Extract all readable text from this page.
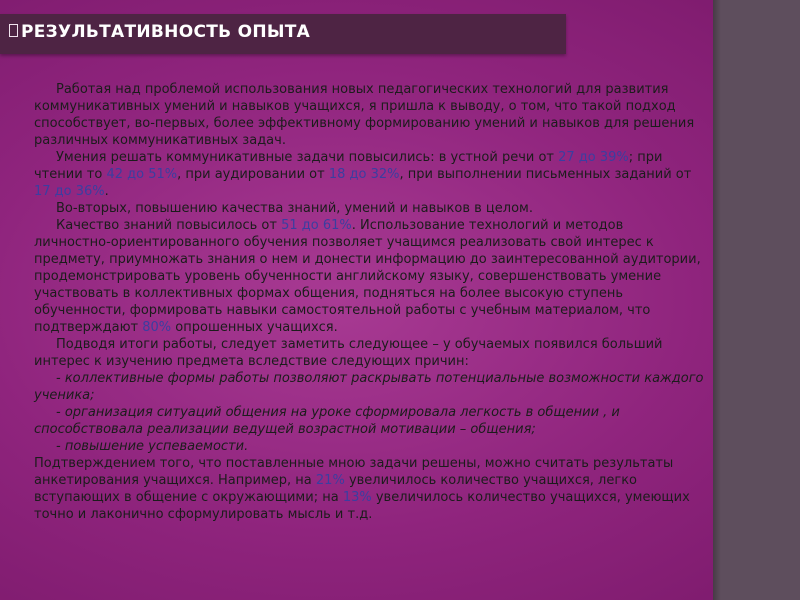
РЕЗУЛЬТАТИВНОСТЬ ОПЫТА

Работая над проблемой использования новых педагогических технологий для развития коммуникативных умений и навыков учащихся, я пришла к выводу, о том, что такой подход способствует, во-первых, более эффективному формированию умений и навыков для решения различных коммуникативных задач.

Умения решать коммуникативные задачи повысились: в устной речи от 27 до 39%; при чтении то 42 до 51%, при аудировании от 18 до 32%, при выполнении письменных заданий от 17 до 36%.

Во-вторых, повышению качества знаний, умений и навыков в целом.

Качество знаний повысилось от 51 до 61%. Использование технологий и методов личностно-ориентированного обучения позволяет учащимся реализовать свой интерес к предмету, приумножать знания о нем и донести информацию до заинтересованной аудитории, продемонстрировать уровень обученности английскому языку, совершенствовать умение участвовать в коллективных формах общения, подняться на более высокую ступень обученности, формировать навыки самостоятельной работы с учебным материалом, что подтверждают 80% опрошенных учащихся.

Подводя итоги работы, следует заметить следующее – у обучаемых появился больший интерес к изучению предмета вследствие следующих причин:

- коллективные формы работы позволяют раскрывать потенциальные возможности каждого ученика;

- организация ситуаций общения на уроке сформировала легкость в общении , и способствовала реализации ведущей возрастной мотивации – общения;

- повышение успеваемости.

Подтверждением того, что поставленные мною задачи решены, можно считать результаты анкетирования учащихся. Например, на 21% увеличилось количество учащихся, легко вступающих в общение с окружающими; на 13% увеличилось количество учащихся, умеющих точно и лаконично сформулировать мысль и т.д.
